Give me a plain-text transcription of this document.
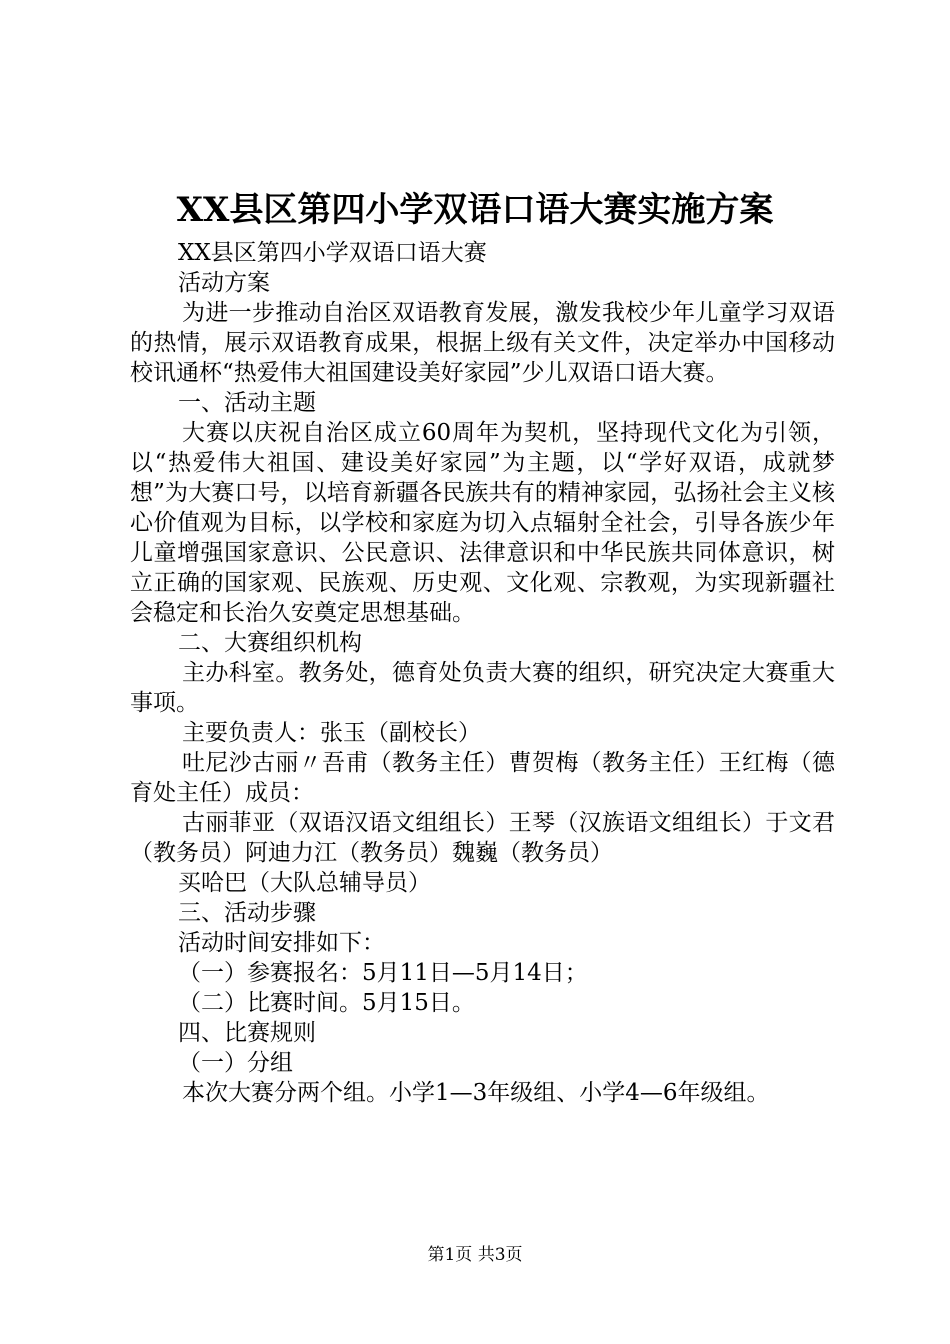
XX县区第四小学双语口语大赛实施方案

XX县区第四小学双语口语大赛

活动方案

为进一步推动自治区双语教育发展，激发我校少年儿童学习双语的热情，展示双语教育成果，根据上级有关文件，决定举办中国移动校讯通杯“热爱伟大祖国建设美好家园”少儿双语口语大赛。

一、活动主题

大赛以庆祝自治区成立60周年为契机，坚持现代文化为引领，以“热爱伟大祖国、建设美好家园”为主题，以“学好双语，成就梦想”为大赛口号，以培育新疆各民族共有的精神家园，弘扬社会主义核心价值观为目标，以学校和家庭为切入点辐射全社会，引导各族少年儿童增强国家意识、公民意识、法律意识和中华民族共同体意识，树立正确的国家观、民族观、历史观、文化观、宗教观，为实现新疆社会稳定和长治久安奠定思想基础。

二、大赛组织机构

主办科室。教务处，德育处负责大赛的组织，研究决定大赛重大事项。

主要负责人：张玉（副校长）

吐尼沙古丽〃吾甫（教务主任）曹贺梅（教务主任）王红梅（德育处主任）成员：

古丽菲亚（双语汉语文组组长）王琴（汉族语文组组长）于文君（教务员）阿迪力江（教务员）魏巍（教务员）

买哈巴（大队总辅导员）

三、活动步骤

活动时间安排如下：

（一）参赛报名：5月11日—5月14日；

（二）比赛时间。5月15日。

四、比赛规则

（一）分组

本次大赛分两个组。小学1—3年级组、小学4—6年级组。

第1页 共3页
